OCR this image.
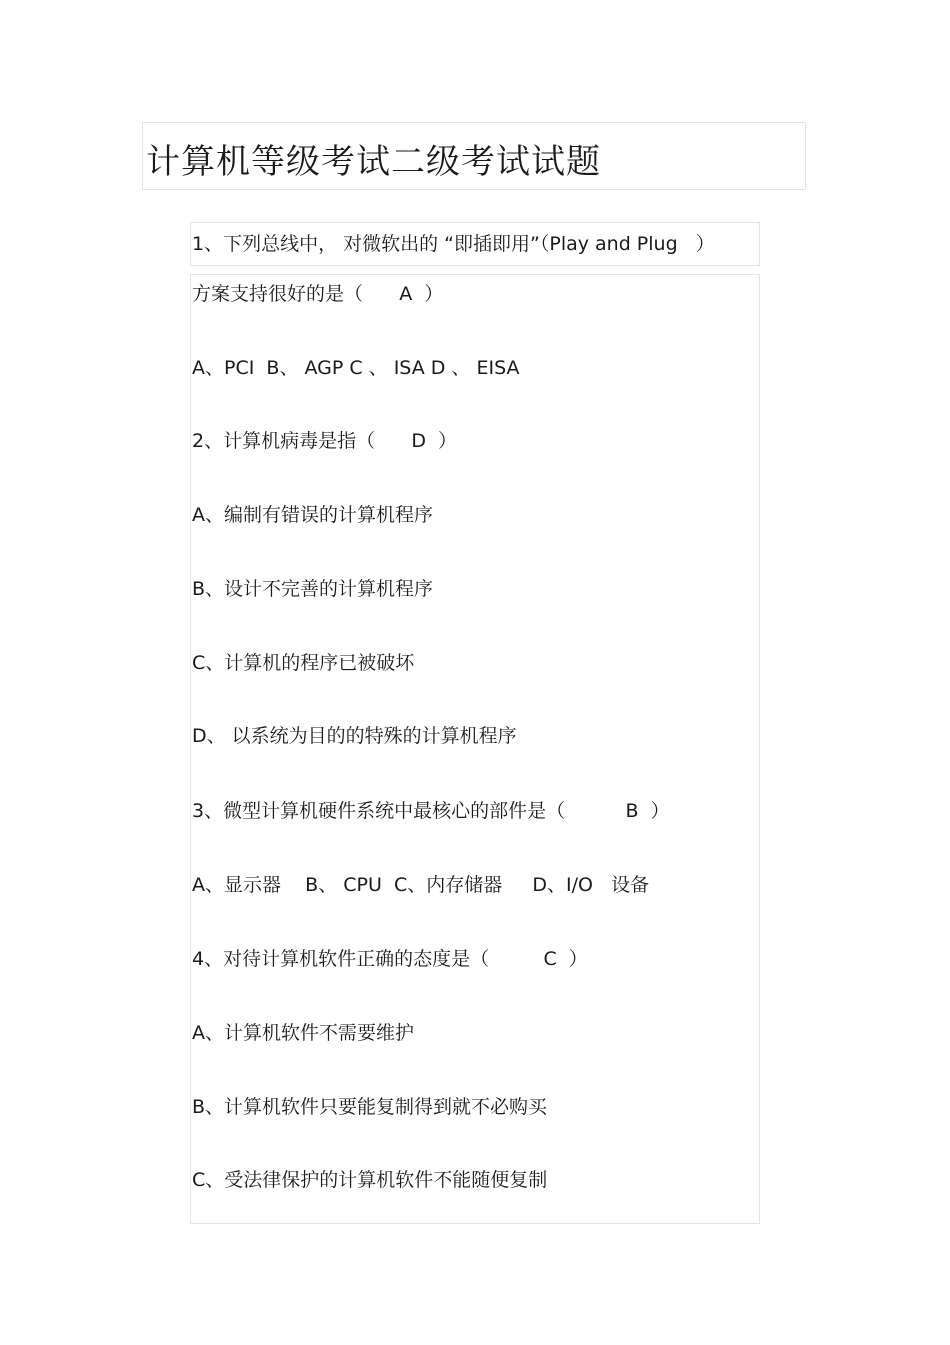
计算机等级考试二级考试试题
1、下列总线中， 对微软出的 “即插即用”（Play and Plug   ）
方案支持很好的是（      A  ）
A、PCI  B、 AGP C 、 ISA D 、 EISA
2、计算机病毒是指（      D  ）
A、编制有错误的计算机程序
B、设计不完善的计算机程序
C、计算机的程序已被破坏
D、 以系统为目的的特殊的计算机程序
3、微型计算机硬件系统中最核心的部件是（          B  ）
A、显示器    B、 CPU  C、内存储器     D、I/O   设备
4、对待计算机软件正确的态度是（         C  ）
A、计算机软件不需要维护
B、计算机软件只要能复制得到就不必购买
C、受法律保护的计算机软件不能随便复制
